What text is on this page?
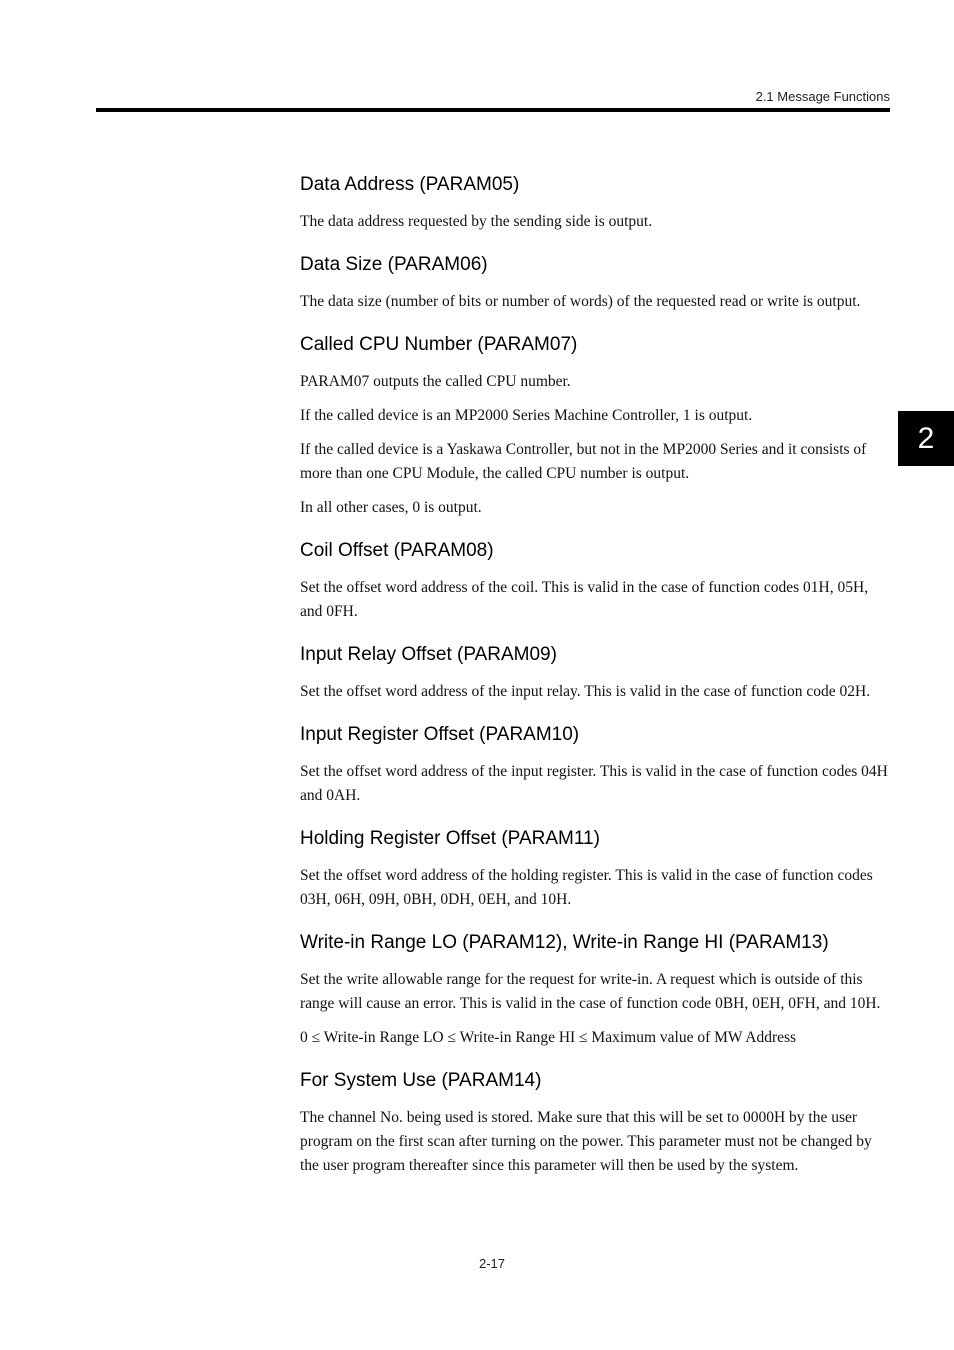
2.1 Message Functions
2
Data Address (PARAM05)

The data address requested by the sending side is output.

Data Size (PARAM06)

The data size (number of bits or number of words) of the requested read or write is output.

Called CPU Number (PARAM07)

PARAM07 outputs the called CPU number.

If the called device is an MP2000 Series Machine Controller, 1 is output.

If the called device is a Yaskawa Controller, but not in the MP2000 Series and it consists of more than one CPU Module, the called CPU number is output.

In all other cases, 0 is output.

Coil Offset (PARAM08)

Set the offset word address of the coil. This is valid in the case of function codes 01H, 05H, and 0FH.

Input Relay Offset (PARAM09)

Set the offset word address of the input relay. This is valid in the case of function code 02H.

Input Register Offset (PARAM10)

Set the offset word address of the input register. This is valid in the case of function codes 04H and 0AH.

Holding Register Offset (PARAM11)

Set the offset word address of the holding register. This is valid in the case of function codes 03H, 06H, 09H, 0BH, 0DH, 0EH, and 10H.

Write-in Range LO (PARAM12), Write-in Range HI (PARAM13)

Set the write allowable range for the request for write-in. A request which is outside of this range will cause an error. This is valid in the case of function code 0BH, 0EH, 0FH, and 10H.

0 ≤ Write-in Range LO ≤ Write-in Range HI ≤ Maximum value of MW Address

For System Use (PARAM14)

The channel No. being used is stored. Make sure that this will be set to 0000H by the user program on the first scan after turning on the power. This parameter must not be changed by the user program thereafter since this parameter will then be used by the system.

2-17
